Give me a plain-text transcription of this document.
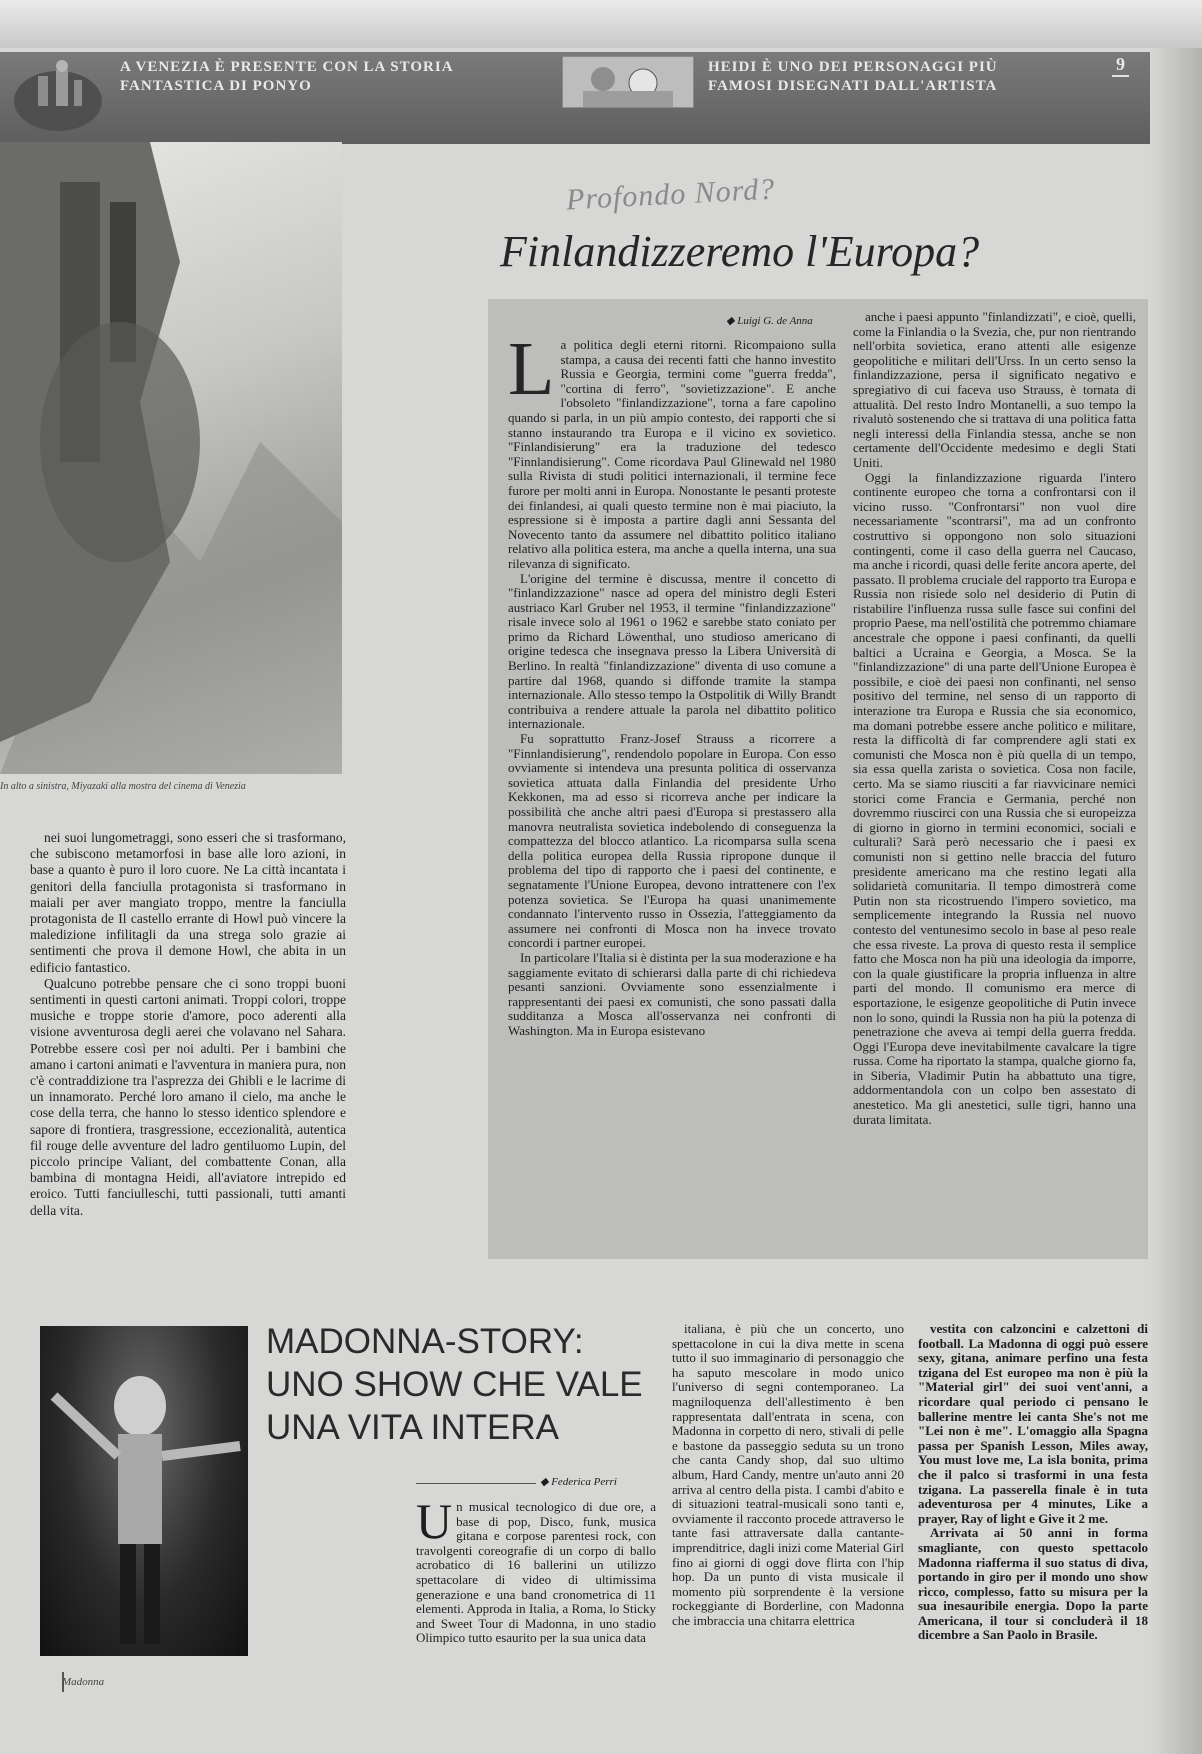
A VENEZIA È PRESENTE CON LA STORIA FANTASTICA DI PONYO
HEIDI È UNO DEI PERSONAGGI PIÙ FAMOSI DISEGNATI DALL'ARTISTA
9
In alto a sinistra, Miyazaki alla mostra del cinema di Venezia

nei suoi lungometraggi, sono esseri che si trasformano, che subiscono metamorfosi in base alle loro azioni, in base a quanto è puro il loro cuore. Ne La città incantata i genitori della fanciulla protagonista si trasformano in maiali per aver mangiato troppo, mentre la fanciulla protagonista de Il castello errante di Howl può vincere la maledizione infilitagli da una strega solo grazie ai sentimenti che prova il demone Howl, che abita in un edificio fantastico.

Qualcuno potrebbe pensare che ci sono troppi buoni sentimenti in questi cartoni animati. Troppi colori, troppe musiche e troppe storie d'amore, poco aderenti alla visione avventurosa degli aerei che volavano nel Sahara. Potrebbe essere così per noi adulti. Per i bambini che amano i cartoni animati e l'avventura in maniera pura, non c'è contraddizione tra l'asprezza dei Ghibli e le lacrime di un innamorato. Perché loro amano il cielo, ma anche le cose della terra, che hanno lo stesso identico splendore e sapore di frontiera, trasgressione, eccezionalità, autentica fil rouge delle avventure del ladro gentiluomo Lupin, del piccolo principe Valiant, del combattente Conan, alla bambina di montagna Heidi, all'aviatore intrepido ed eroico. Tutti fanciulleschi, tutti passionali, tutti amanti della vita.

Profondo Nord?
Finlandizzeremo l'Europa?
◆ Luigi G. de Anna

La politica degli eterni ritorni. Ricompaiono sulla stampa, a causa dei recenti fatti che hanno investito Russia e Georgia, termini come "guerra fredda", "cortina di ferro", "sovietizzazione". E anche l'obsoleto "finlandizzazione", torna a fare capolino quando si parla, in un più ampio contesto, dei rapporti che si stanno instaurando tra Europa e il vicino ex sovietico. "Finlandisierung" era la traduzione del tedesco "Finnlandisierung". Come ricordava Paul Glinewald nel 1980 sulla Rivista di studi politici internazionali, il termine fece furore per molti anni in Europa. Nonostante le pesanti proteste dei finlandesi, ai quali questo termine non è mai piaciuto, la espressione si è imposta a partire dagli anni Sessanta del Novecento tanto da assumere nel dibattito politico italiano relativo alla politica estera, ma anche a quella interna, una sua rilevanza di significato.

L'origine del termine è discussa, mentre il concetto di "finlandizzazione" nasce ad opera del ministro degli Esteri austriaco Karl Gruber nel 1953, il termine "finlandizzazione" risale invece solo al 1961 o 1962 e sarebbe stato coniato per primo da Richard Löwenthal, uno studioso americano di origine tedesca che insegnava presso la Libera Università di Berlino. In realtà "finlandizzazione" diventa di uso comune a partire dal 1968, quando si diffonde tramite la stampa internazionale. Allo stesso tempo la Ostpolitik di Willy Brandt contribuiva a rendere attuale la parola nel dibattito politico internazionale.

Fu soprattutto Franz-Josef Strauss a ricorrere a "Finnlandisierung", rendendolo popolare in Europa. Con esso ovviamente si intendeva una presunta politica di osservanza sovietica attuata dalla Finlandia del presidente Urho Kekkonen, ma ad esso si ricorreva anche per indicare la possibilità che anche altri paesi d'Europa si prestassero alla manovra neutralista sovietica indebolendo di conseguenza la compattezza del blocco atlantico. La ricomparsa sulla scena della politica europea della Russia ripropone dunque il problema del tipo di rapporto che i paesi del continente, e segnatamente l'Unione Europea, devono intrattenere con l'ex potenza sovietica. Se l'Europa ha quasi unanimemente condannato l'intervento russo in Ossezia, l'atteggiamento da assumere nei confronti di Mosca non ha invece trovato concordi i partner europei.

In particolare l'Italia si è distinta per la sua moderazione e ha saggiamente evitato di schierarsi dalla parte di chi richiedeva pesanti sanzioni. Ovviamente sono essenzialmente i rappresentanti dei paesi ex comunisti, che sono passati dalla sudditanza a Mosca all'osservanza nei confronti di Washington. Ma in Europa esistevano

anche i paesi appunto "finlandizzati", e cioè, quelli, come la Finlandia o la Svezia, che, pur non rientrando nell'orbita sovietica, erano attenti alle esigenze geopolitiche e militari dell'Urss. In un certo senso la finlandizzazione, persa il significato negativo e spregiativo di cui faceva uso Strauss, è tornata di attualità. Del resto Indro Montanelli, a suo tempo la rivalutò sostenendo che si trattava di una politica fatta negli interessi della Finlandia stessa, anche se non certamente dell'Occidente medesimo e degli Stati Uniti.

Oggi la finlandizzazione riguarda l'intero continente europeo che torna a confrontarsi con il vicino russo. "Confrontarsi" non vuol dire necessariamente "scontrarsi", ma ad un confronto costruttivo si oppongono non solo situazioni contingenti, come il caso della guerra nel Caucaso, ma anche i ricordi, quasi delle ferite ancora aperte, del passato. Il problema cruciale del rapporto tra Europa e Russia non risiede solo nel desiderio di Putin di ristabilire l'influenza russa sulle fasce sui confini del proprio Paese, ma nell'ostilità che potremmo chiamare ancestrale che oppone i paesi confinanti, da quelli baltici a Ucraina e Georgia, a Mosca. Se la "finlandizzazione" di una parte dell'Unione Europea è possibile, e cioè dei paesi non confinanti, nel senso positivo del termine, nel senso di un rapporto di interazione tra Europa e Russia che sia economico, ma domani potrebbe essere anche politico e militare, resta la difficoltà di far comprendere agli stati ex comunisti che Mosca non è più quella di un tempo, sia essa quella zarista o sovietica. Cosa non facile, certo. Ma se siamo riusciti a far riavvicinare nemici storici come Francia e Germania, perché non dovremmo riuscirci con una Russia che si europeizza di giorno in giorno in termini economici, sociali e culturali? Sarà però necessario che i paesi ex comunisti non si gettino nelle braccia del futuro presidente americano ma che restino legati alla solidarietà comunitaria. Il tempo dimostrerà come Putin non sta ricostruendo l'impero sovietico, ma semplicemente integrando la Russia nel nuovo contesto del ventunesimo secolo in base al peso reale che essa riveste. La prova di questo resta il semplice fatto che Mosca non ha più una ideologia da imporre, con la quale giustificare la propria influenza in altre parti del mondo. Il comunismo era merce di esportazione, le esigenze geopolitiche di Putin invece non lo sono, quindi la Russia non ha più la potenza di penetrazione che aveva ai tempi della guerra fredda. Oggi l'Europa deve inevitabilmente cavalcare la tigre russa. Come ha riportato la stampa, qualche giorno fa, in Siberia, Vladimir Putin ha abbattuto una tigre, addormentandola con un colpo ben assestato di anestetico. Ma gli anestetici, sulle tigri, hanno una durata limitata.

Madonna
MADONNA-STORY:
UNO SHOW CHE VALE
UNA VITA INTERA
◆ Federica Perri

Un musical tecnologico di due ore, a base di pop, Disco, funk, musica gitana e corpose parentesi rock, con travolgenti coreografie di un corpo di ballo acrobatico di 16 ballerini un utilizzo spettacolare di video di ultimissima generazione e una band cronometrica di 11 elementi. Approda in Italia, a Roma, lo Sticky and Sweet Tour di Madonna, in uno stadio Olimpico tutto esaurito per la sua unica data

italiana, è più che un concerto, uno spettacolone in cui la diva mette in scena tutto il suo immaginario di personaggio che ha saputo mescolare in modo unico l'universo di segni contemporaneo. La magniloquenza dell'allestimento è ben rappresentata dall'entrata in scena, con Madonna in corpetto di nero, stivali di pelle e bastone da passeggio seduta su un trono che canta Candy shop, dal suo ultimo album, Hard Candy, mentre un'auto anni 20 arriva al centro della pista. I cambi d'abito e di situazioni teatral-musicali sono tanti e, ovviamente il racconto procede attraverso le tante fasi attraversate dalla cantante-imprenditrice, dagli inizi come Material Girl fino ai giorni di oggi dove flirta con l'hip hop. Da un punto di vista musicale il momento più sorprendente è la versione rockeggiante di Borderline, con Madonna che imbraccia una chitarra elettrica

vestita con calzoncini e calzettoni di football. La Madonna di oggi può essere sexy, gitana, animare perfino una festa tzigana del Est europeo ma non è più la "Material girl" dei suoi vent'anni, a ricordare qual periodo ci pensano le ballerine mentre lei canta She's not me "Lei non è me". L'omaggio alla Spagna passa per Spanish Lesson, Miles away, You must love me, La isla bonita, prima che il palco si trasformi in una festa tzigana. La passerella finale è in tuta adeventurosa per 4 minutes, Like a prayer, Ray of light e Give it 2 me.

Arrivata ai 50 anni in forma smagliante, con questo spettacolo Madonna riafferma il suo status di diva, portando in giro per il mondo uno show ricco, complesso, fatto su misura per la sua inesauribile energia. Dopo la parte Americana, il tour si concluderà il 18 dicembre a San Paolo in Brasile.
